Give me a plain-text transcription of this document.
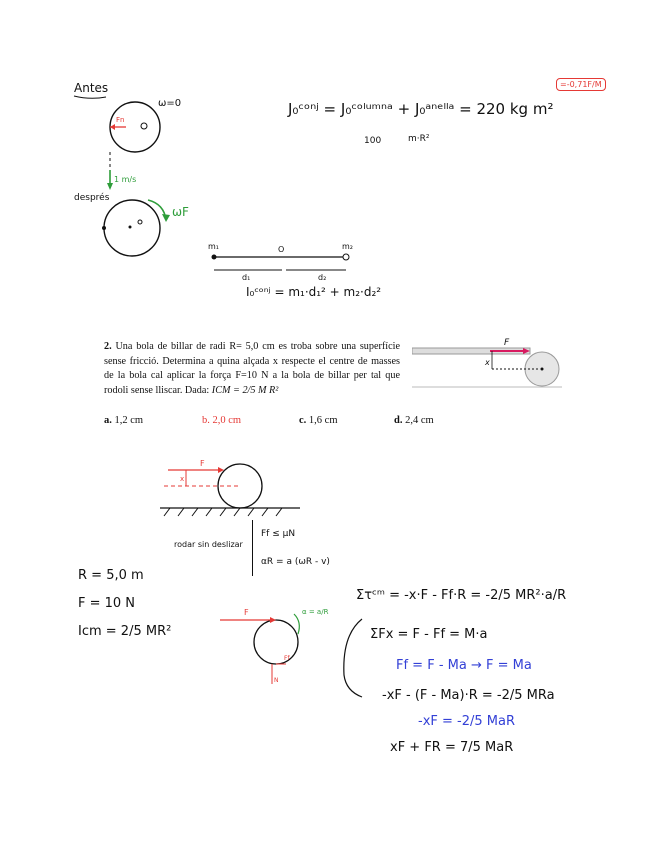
Antes
ω=0
Fn
1 m/s
després
ωF
J₀ᶜᵒⁿʲ = J₀ᶜᵒˡᵘᵐⁿᵃ + J₀ᵃⁿᵉˡˡᵃ = 220 kg m²
100	m·R²
=-0,71F/M
m₁	m₂
O
d₁	d₂
I₀ᶜᵒⁿʲ = m₁·d₁² + m₂·d₂²
2. Una bola de billar de radi R= 5,0 cm es troba sobre una superfície sense fricció. Determina a quina alçada x respecte el centre de masses de la bola cal aplicar la força F=10 N a la bola de billar per tal que rodoli sense lliscar. Dada: ICM = 2/5 M R²
F
x
a. 1,2 cm	b. 2,0 cm	c. 1,6 cm	d. 2,4 cm
F
x
rodar sin deslizar
Ff ≤ μN
αR = a (ωR - v)
R = 5,0 m
F = 10 N
Icm = 2/5 MR²
F	α = a/R
Ff
N
Στᶜᵐ = -x·F - Ff·R = -2/5 MR²·a/R
ΣFx = F - Ff = M·a
Ff = F - Ma → F = Ma
-xF - (F - Ma)·R = -2/5 MRa
-xF = -2/5 MaR
xF + FR = 7/5 MaR
